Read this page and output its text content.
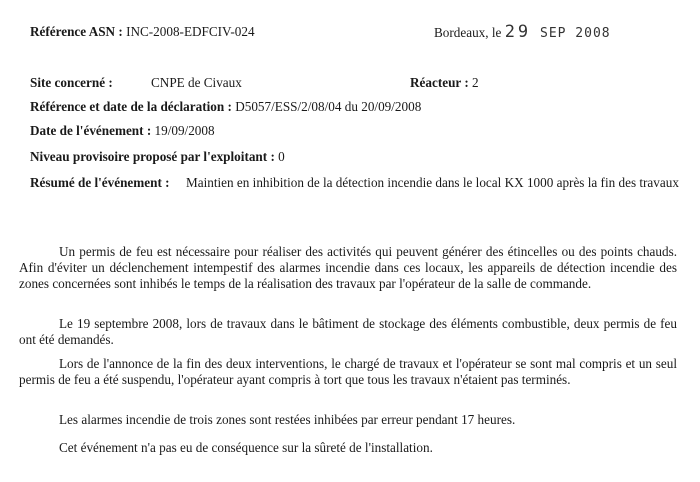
Référence ASN : INC-2008-EDFCIV-024	Bordeaux, le 29 SEP 2008
Site concerné :	CNPE de Civaux	Réacteur : 2
Référence et date de la déclaration : D5057/ESS/2/08/04 du 20/09/2008
Date de l'événement : 19/09/2008
Niveau provisoire proposé par l'exploitant : 0
Résumé de l'événement : Maintien en inhibition de la détection incendie dans le local KX 1000 après la fin des travaux
Un permis de feu est nécessaire pour réaliser des activités qui peuvent générer des étincelles ou des points chauds. Afin d'éviter un déclenchement intempestif des alarmes incendie dans ces locaux, les appareils de détection incendie des zones concernées sont inhibés le temps de la réalisation des travaux par l'opérateur de la salle de commande.
Le 19 septembre 2008, lors de travaux dans le bâtiment de stockage des éléments combustible, deux permis de feu ont été demandés.
Lors de l'annonce de la fin des deux interventions, le chargé de travaux et l'opérateur se sont mal compris et un seul permis de feu a été suspendu, l'opérateur ayant compris à tort que tous les travaux n'étaient pas terminés.
Les alarmes incendie de trois zones sont restées inhibées par erreur pendant 17 heures.
Cet événement n'a pas eu de conséquence sur la sûreté de l'installation.
